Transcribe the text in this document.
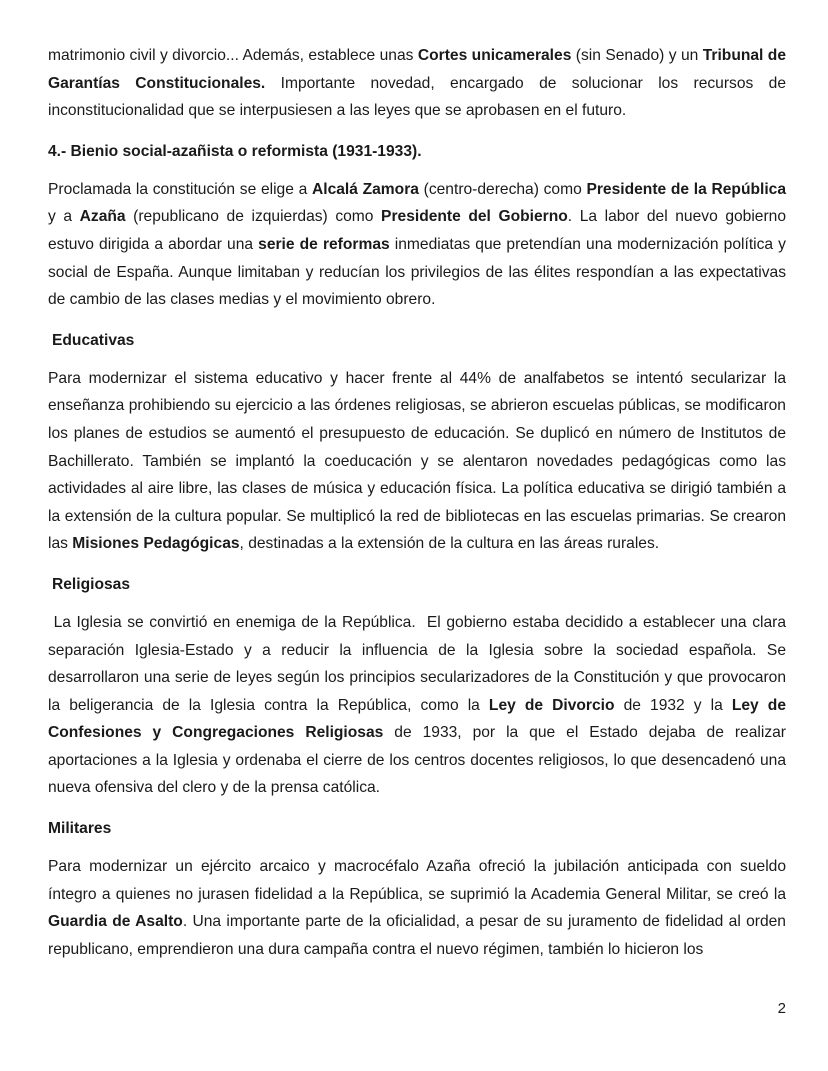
matrimonio civil y divorcio... Además, establece unas Cortes unicamerales (sin Senado) y un Tribunal de Garantías Constitucionales. Importante novedad, encargado de solucionar los recursos de inconstitucionalidad que se interpusiesen a las leyes que se aprobasen en el futuro.

4.- Bienio social-azañista o reformista (1931-1933).

Proclamada la constitución se elige a Alcalá Zamora (centro-derecha) como Presidente de la República y a Azaña (republicano de izquierdas) como Presidente del Gobierno. La labor del nuevo gobierno estuvo dirigida a abordar una serie de reformas inmediatas que pretendían una modernización política y social de España. Aunque limitaban y reducían los privilegios de las élites respondían a las expectativas de cambio de las clases medias y el movimiento obrero.

Educativas

Para modernizar el sistema educativo y hacer frente al 44% de analfabetos se intentó secularizar la enseñanza prohibiendo su ejercicio a las órdenes religiosas, se abrieron escuelas públicas, se modificaron los planes de estudios se aumentó el presupuesto de educación. Se duplicó en número de Institutos de Bachillerato. También se implantó la coeducación y se alentaron novedades pedagógicas como las actividades al aire libre, las clases de música y educación física. La política educativa se dirigió también a la extensión de la cultura popular. Se multiplicó la red de bibliotecas en las escuelas primarias. Se crearon las Misiones Pedagógicas, destinadas a la extensión de la cultura en las áreas rurales.

Religiosas

La Iglesia se convirtió en enemiga de la República.  El gobierno estaba decidido a establecer una clara separación Iglesia-Estado y a reducir la influencia de la Iglesia sobre la sociedad española. Se desarrollaron una serie de leyes según los principios secularizadores de la Constitución y que provocaron la beligerancia de la Iglesia contra la República, como la Ley de Divorcio de 1932 y la Ley de Confesiones y Congregaciones Religiosas de 1933, por la que el Estado dejaba de realizar aportaciones a la Iglesia y ordenaba el cierre de los centros docentes religiosos, lo que desencadenó una nueva ofensiva del clero y de la prensa católica.

Militares

Para modernizar un ejército arcaico y macrocéfalo Azaña ofreció la jubilación anticipada con sueldo íntegro a quienes no jurasen fidelidad a la República, se suprimió la Academia General Militar, se creó la Guardia de Asalto. Una importante parte de la oficialidad, a pesar de su juramento de fidelidad al orden republicano, emprendieron una dura campaña contra el nuevo régimen, también lo hicieron los

2
